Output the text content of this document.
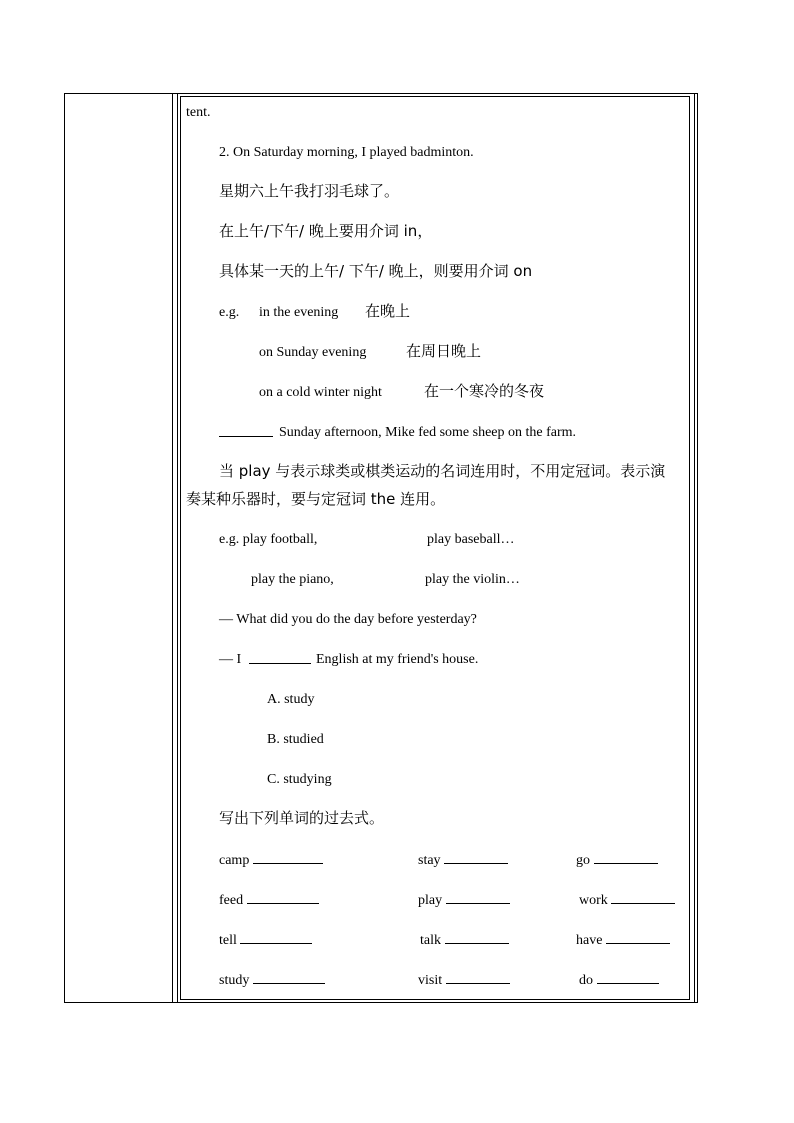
tent.
2. On Saturday morning, I played badminton.
星期六上午我打羽毛球了。
在上午/下午/ 晚上要用介词 in，
具体某一天的上午/ 下午/ 晚上，则要用介词 on
e.g. in the evening 在晚上
on Sunday evening	在周日晚上
on a cold winter night	在一个寒冷的冬夜
Sunday afternoon, Mike fed some sheep on the farm.
当 play 与表示球类或棋类运动的名词连用时，不用定冠词。表示演
奏某种乐器时，要与定冠词 the 连用。
e.g. play football,	play baseball…
play the piano,	play the violin…
— What did you do the day before yesterday?
— I	English at my friend's house.
A. study
B. studied
C. studying
写出下列单词的过去式。
camp	stay	go
feed	play	work
tell	talk	have
study	visit	do
